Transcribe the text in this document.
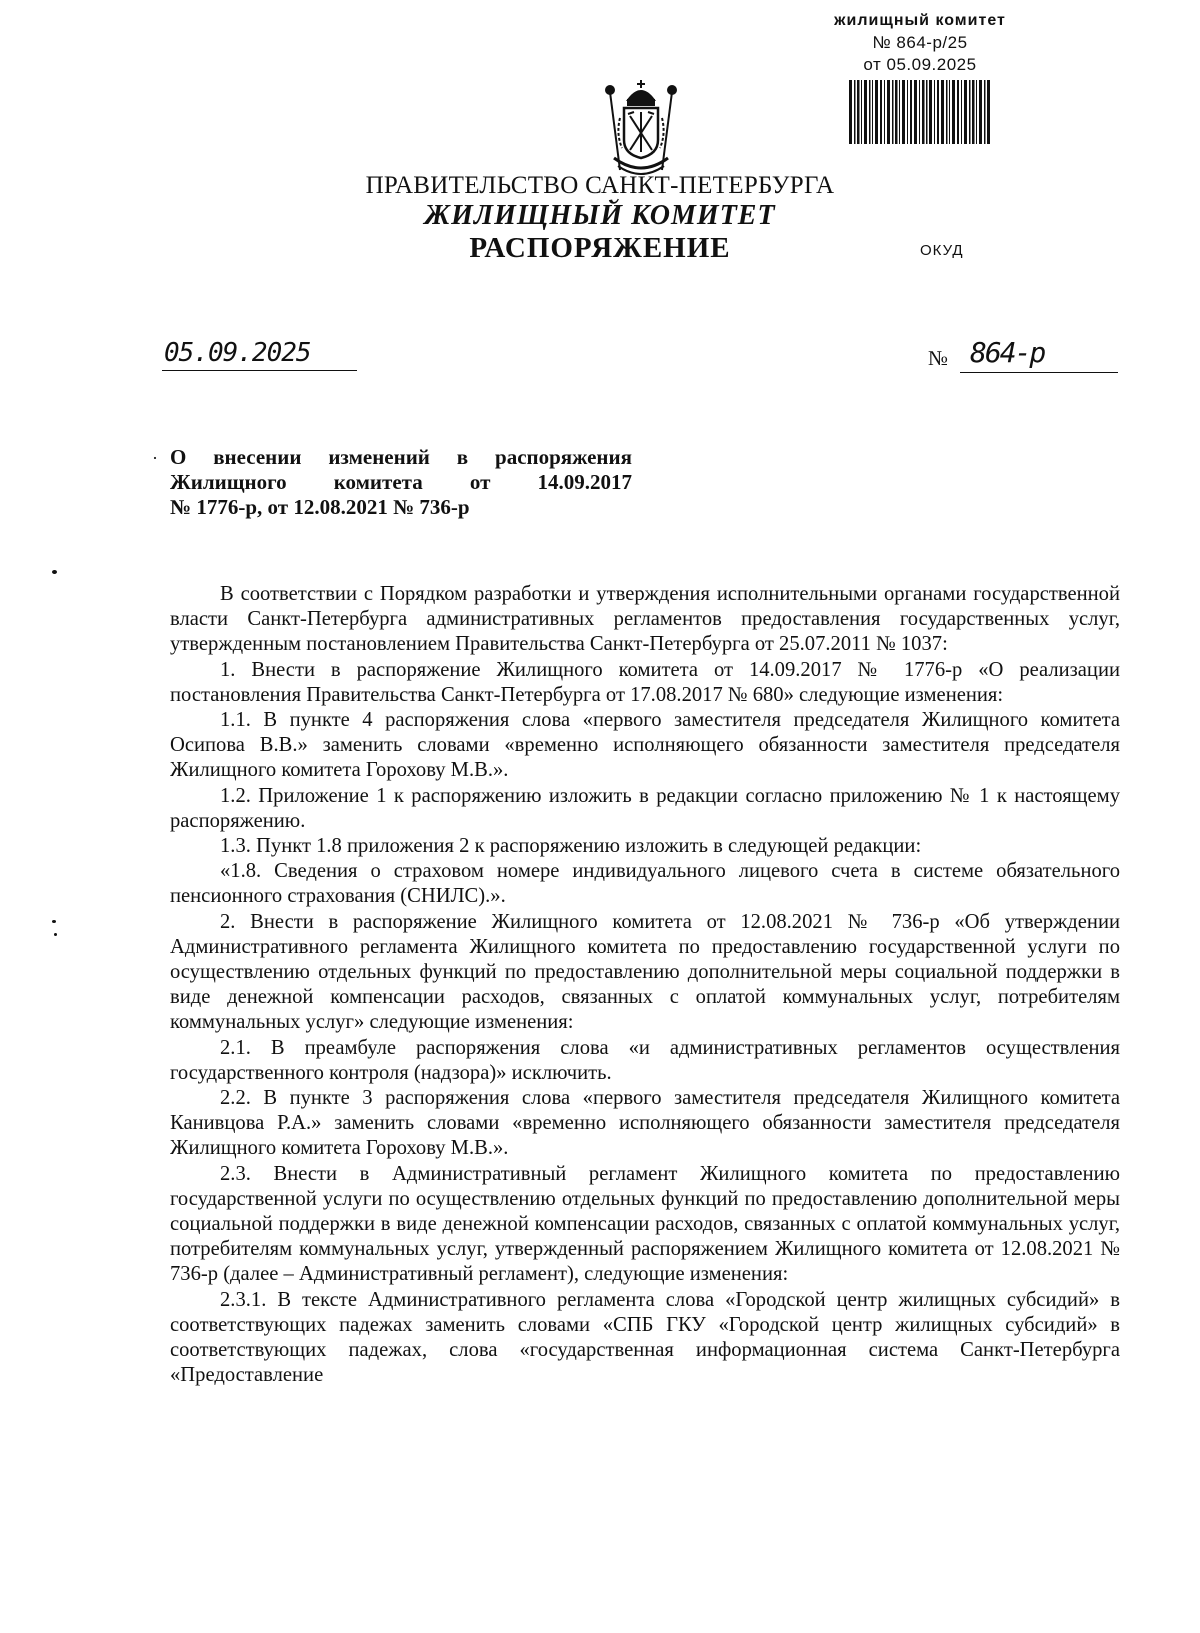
жилищный комитет
№ 864-р/25
от 05.09.2025
ПРАВИТЕЛЬСТВО САНКТ-ПЕТЕРБУРГА
ЖИЛИЩНЫЙ КОМИТЕТ
РАСПОРЯЖЕНИЕ	ОКУД
05.09.2025	№ 864-р
· О внесении изменений в распоряжения
Жилищного комитета от 14.09.2017
№ 1776-р, от 12.08.2021 № 736-р

В соответствии с Порядком разработки и утверждения исполнительными органами государственной власти Санкт-Петербурга административных регламентов предоставления государственных услуг, утвержденным постановлением Правительства Санкт-Петербурга от 25.07.2011 № 1037:

1. Внести в распоряжение Жилищного комитета от 14.09.2017 № 1776-р «О реализации постановления Правительства Санкт-Петербурга от 17.08.2017 № 680» следующие изменения:

1.1. В пункте 4 распоряжения слова «первого заместителя председателя Жилищного комитета Осипова В.В.» заменить словами «временно исполняющего обязанности заместителя председателя Жилищного комитета Горохову М.В.».

1.2. Приложение 1 к распоряжению изложить в редакции согласно приложению № 1 к настоящему распоряжению.

1.3. Пункт 1.8 приложения 2 к распоряжению изложить в следующей редакции:

«1.8. Сведения о страховом номере индивидуального лицевого счета в системе обязательного пенсионного страхования (СНИЛС).».

2. Внести в распоряжение Жилищного комитета от 12.08.2021 № 736-р «Об утверждении Административного регламента Жилищного комитета по предоставлению государственной услуги по осуществлению отдельных функций по предоставлению дополнительной меры социальной поддержки в виде денежной компенсации расходов, связанных с оплатой коммунальных услуг, потребителям коммунальных услуг» следующие изменения:

2.1. В преамбуле распоряжения слова «и административных регламентов осуществления государственного контроля (надзора)» исключить.

2.2. В пункте 3 распоряжения слова «первого заместителя председателя Жилищного комитета Канивцова Р.А.» заменить словами «временно исполняющего обязанности заместителя председателя Жилищного комитета Горохову М.В.».

2.3. Внести в Административный регламент Жилищного комитета по предоставлению государственной услуги по осуществлению отдельных функций по предоставлению дополнительной меры социальной поддержки в виде денежной компенсации расходов, связанных с оплатой коммунальных услуг, потребителям коммунальных услуг, утвержденный распоряжением Жилищного комитета от 12.08.2021 № 736-р (далее – Административный регламент), следующие изменения:

2.3.1. В тексте Административного регламента слова «Городской центр жилищных субсидий» в соответствующих падежах заменить словами «СПБ ГКУ «Городской центр жилищных субсидий» в соответствующих падежах, слова «государственная информационная система Санкт-Петербурга «Предоставление
